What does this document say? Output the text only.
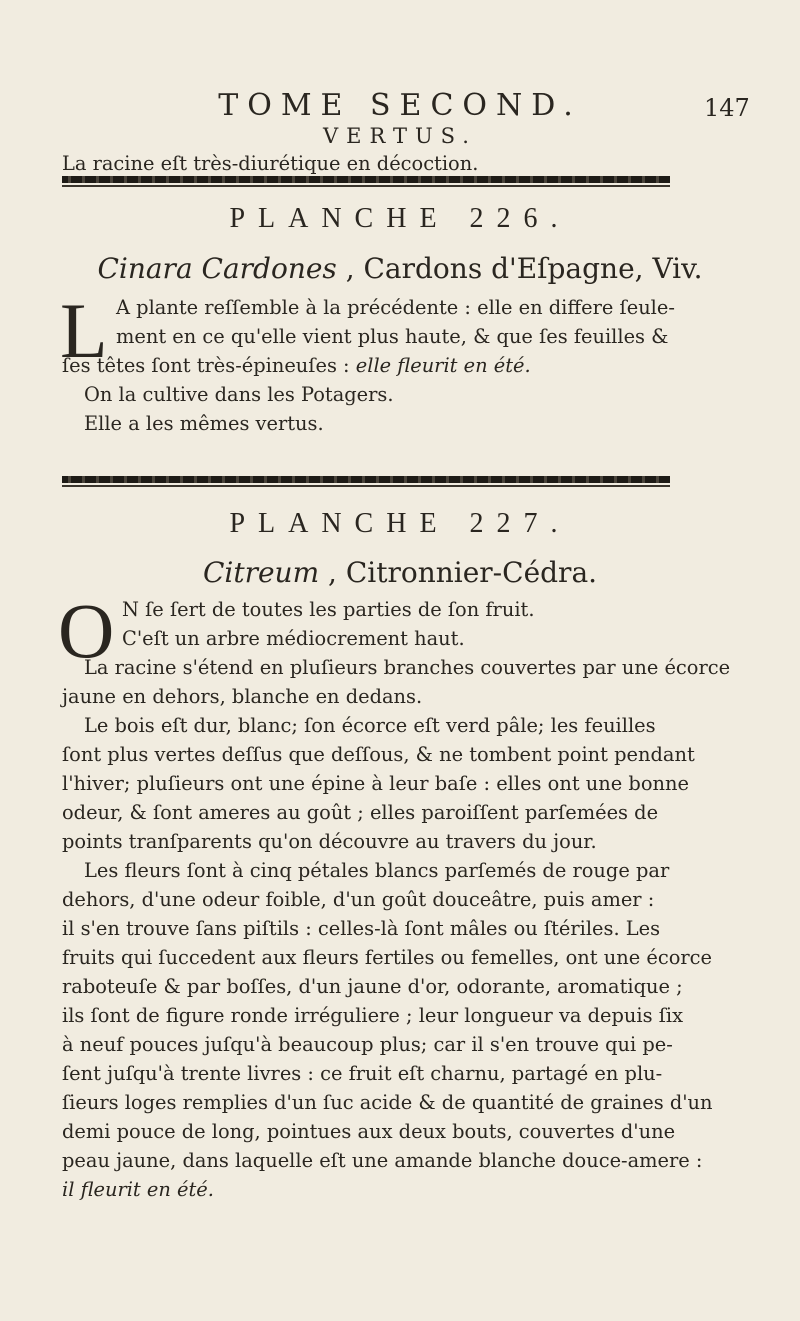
TOME SECOND.	147
VERTUS.
La racine eſt très-diurétique en décoction.
PLANCHE 226.
Cinara Cardones , Cardons d'Eſpagne, Viv.
L A plante reſſemble à la précédente : elle en differe ſeule-
ment en ce qu'elle vient plus haute, & que ſes feuilles &
ſes têtes ſont très-épineuſes : elle fleurit en été.
On la cultive dans les Potagers.
Elle a les mêmes vertus.
PLANCHE 227.
Citreum , Citronnier-Cédra.
O N ſe ſert de toutes les parties de ſon fruit.
C'eſt un arbre médiocrement haut.
La racine s'étend en pluſieurs branches couvertes par une écorce
jaune en dehors, blanche en dedans.
Le bois eſt dur, blanc; ſon écorce eſt verd pâle; les feuilles
ſont plus vertes deſſus que deſſous, & ne tombent point pendant
l'hiver; pluſieurs ont une épine à leur baſe : elles ont une bonne
odeur, & ſont ameres au goût ; elles paroiſſent parſemées de
points tranſparents qu'on découvre au travers du jour.
Les fleurs ſont à cinq pétales blancs parſemés de rouge par
dehors, d'une odeur foible, d'un goût douceâtre, puis amer :
il s'en trouve ſans piſtils : celles-là ſont mâles ou ſtériles. Les
fruits qui ſuccedent aux fleurs fertiles ou femelles, ont une écorce
raboteuſe & par boſſes, d'un jaune d'or, odorante, aromatique ;
ils ſont de figure ronde irréguliere ; leur longueur va depuis ſix
à neuf pouces juſqu'à beaucoup plus; car il s'en trouve qui pe-
ſent juſqu'à trente livres : ce fruit eſt charnu, partagé en plu-
ſieurs loges remplies d'un ſuc acide & de quantité de graines d'un
demi pouce de long, pointues aux deux bouts, couvertes d'une
peau jaune, dans laquelle eſt une amande blanche douce-amere :
il fleurit en été.
